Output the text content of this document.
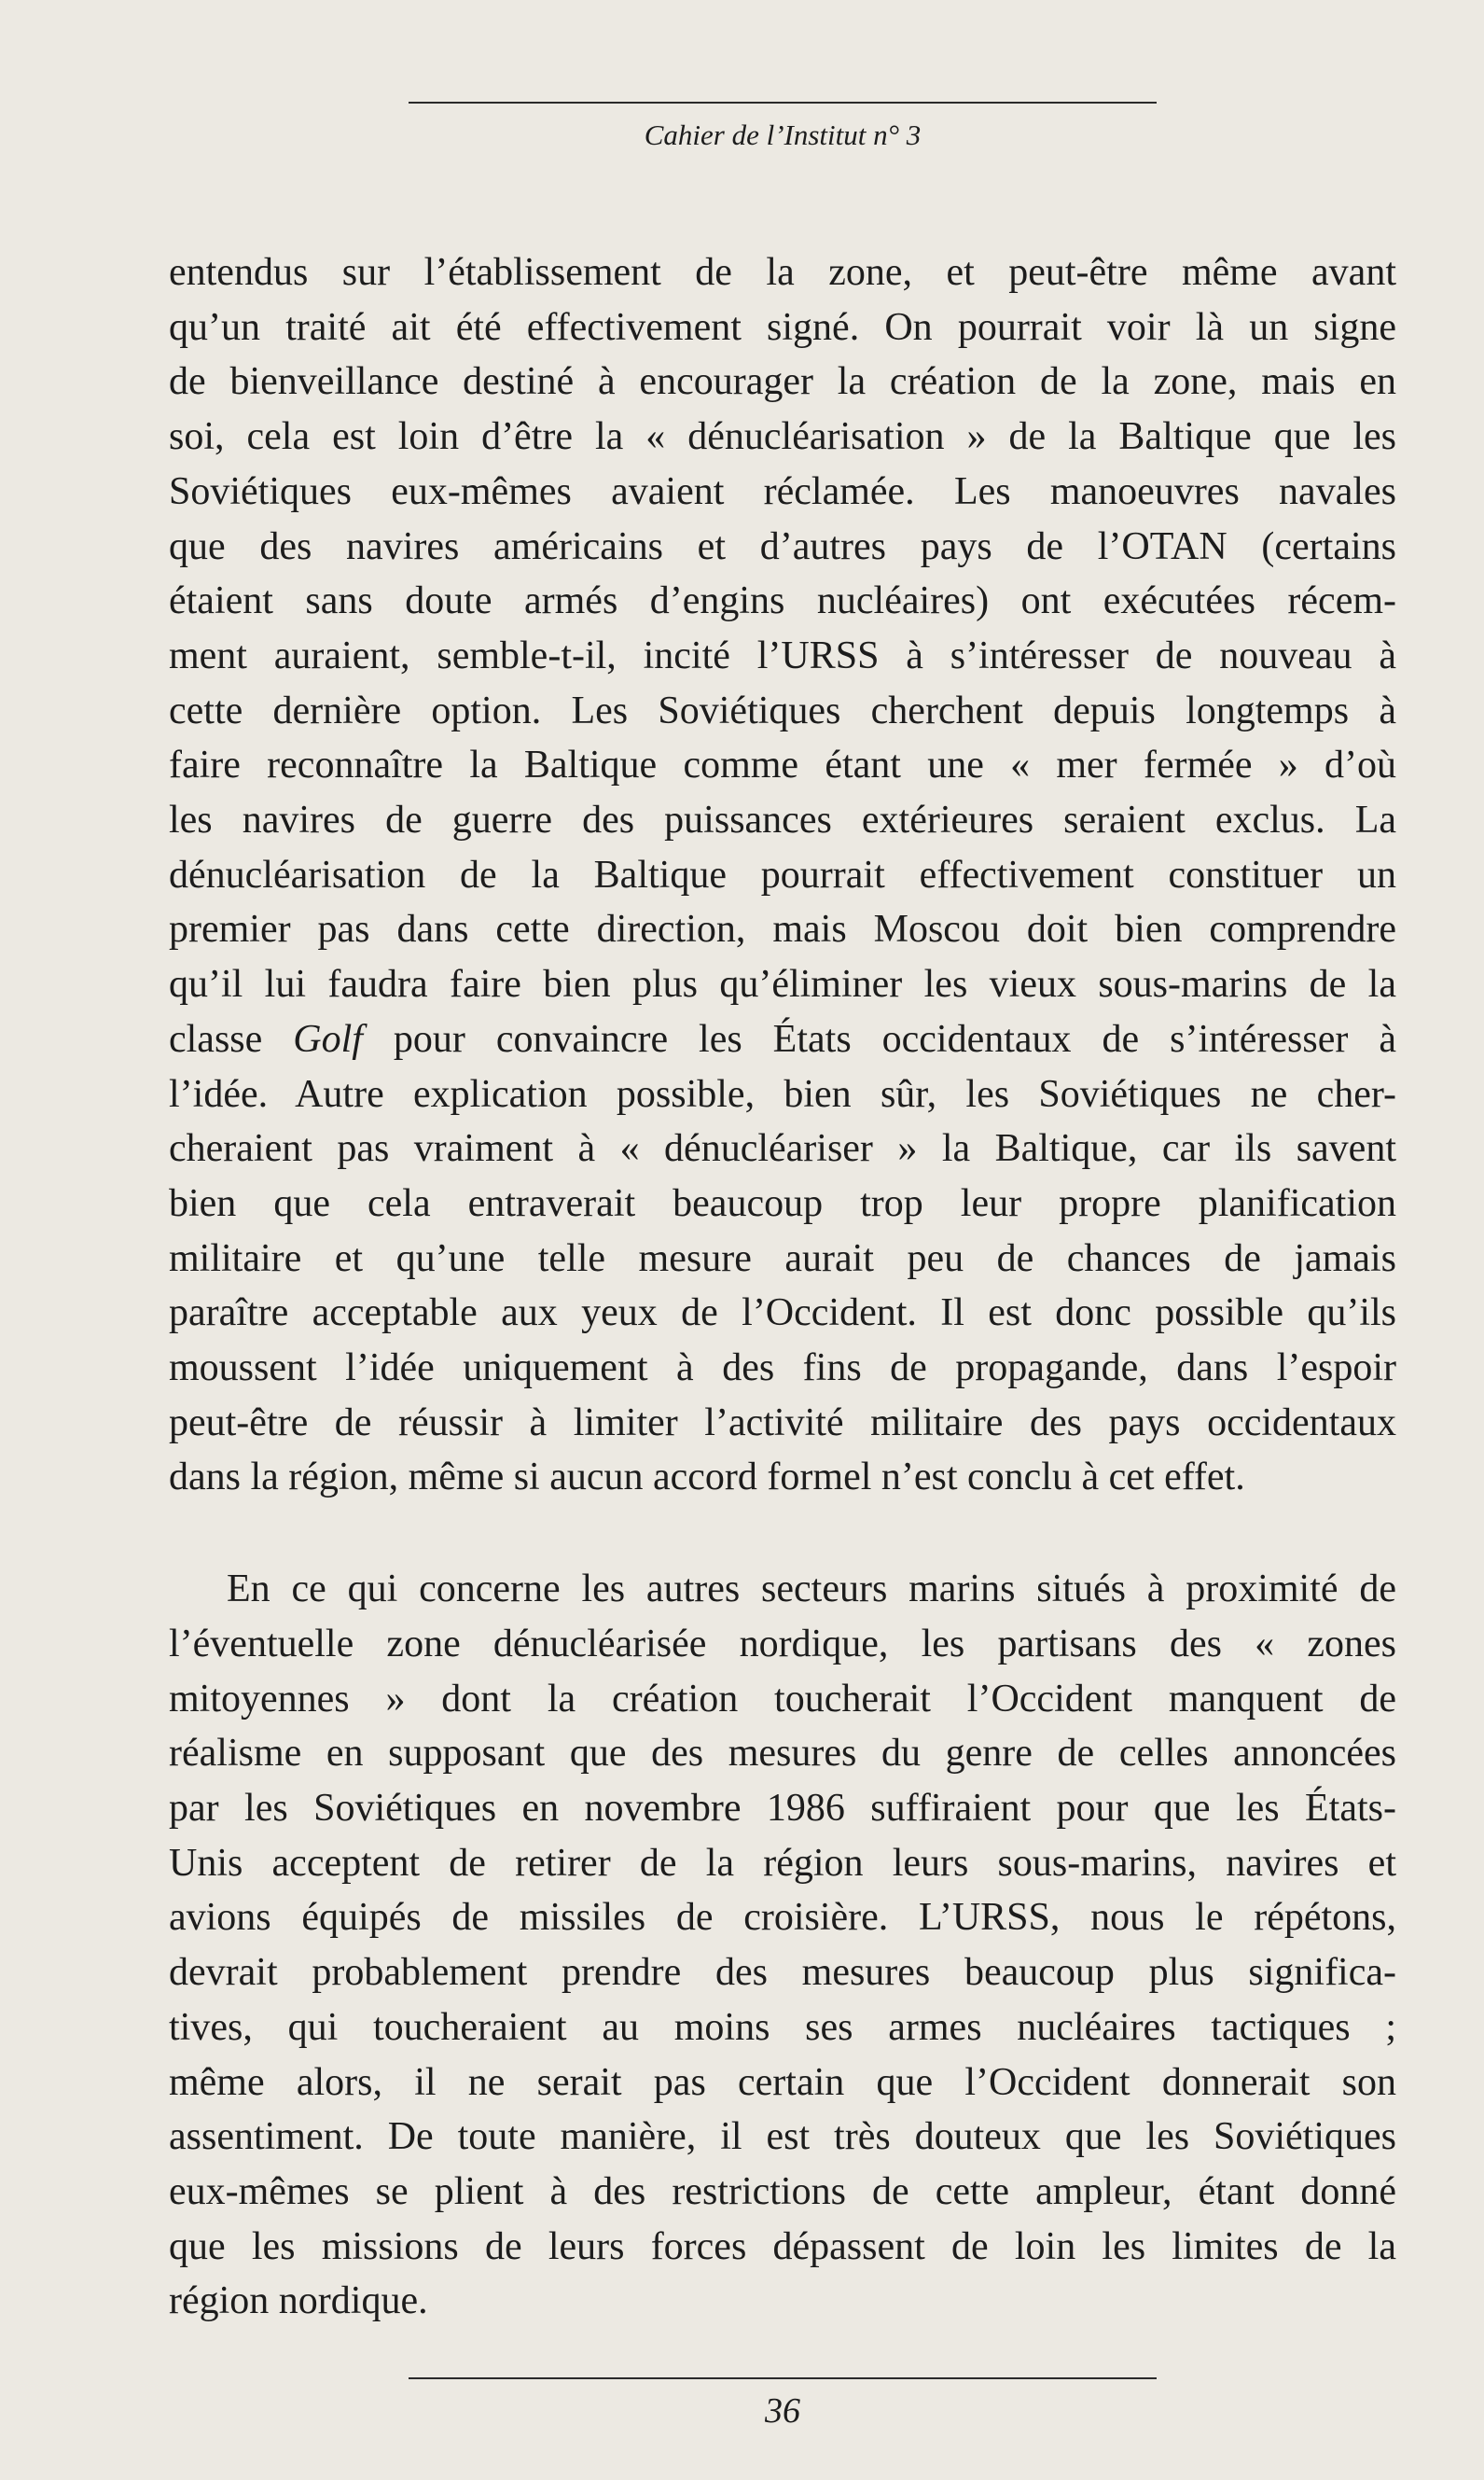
Cahier de l’Institut n° 3
entendus sur l’établissement de la zone, et peut-être même avant
qu’un traité ait été effectivement signé. On pourrait voir là un signe
de bienveillance destiné à encourager la création de la zone, mais en
soi, cela est loin d’être la « dénucléarisation » de la Baltique que les
Soviétiques eux-mêmes avaient réclamée. Les manoeuvres navales
que des navires américains et d’autres pays de l’OTAN (certains
étaient sans doute armés d’engins nucléaires) ont exécutées récem-
ment auraient, semble-t-il, incité l’URSS à s’intéresser de nouveau à
cette dernière option. Les Soviétiques cherchent depuis longtemps à
faire reconnaître la Baltique comme étant une « mer fermée » d’où
les navires de guerre des puissances extérieures seraient exclus. La
dénucléarisation de la Baltique pourrait effectivement constituer un
premier pas dans cette direction, mais Moscou doit bien comprendre
qu’il lui faudra faire bien plus qu’éliminer les vieux sous-marins de la
classe Golf pour convaincre les États occidentaux de s’intéresser à
l’idée. Autre explication possible, bien sûr, les Soviétiques ne cher-
cheraient pas vraiment à « dénucléariser » la Baltique, car ils savent
bien que cela entraverait beaucoup trop leur propre planification
militaire et qu’une telle mesure aurait peu de chances de jamais
paraître acceptable aux yeux de l’Occident. Il est donc possible qu’ils
moussent l’idée uniquement à des fins de propagande, dans l’espoir
peut-être de réussir à limiter l’activité militaire des pays occidentaux
dans la région, même si aucun accord formel n’est conclu à cet effet.
En ce qui concerne les autres secteurs marins situés à proximité de
l’éventuelle zone dénucléarisée nordique, les partisans des « zones
mitoyennes » dont la création toucherait l’Occident manquent de
réalisme en supposant que des mesures du genre de celles annoncées
par les Soviétiques en novembre 1986 suffiraient pour que les États-
Unis acceptent de retirer de la région leurs sous-marins, navires et
avions équipés de missiles de croisière. L’URSS, nous le répétons,
devrait probablement prendre des mesures beaucoup plus significa-
tives, qui toucheraient au moins ses armes nucléaires tactiques ;
même alors, il ne serait pas certain que l’Occident donnerait son
assentiment. De toute manière, il est très douteux que les Soviétiques
eux-mêmes se plient à des restrictions de cette ampleur, étant donné
que les missions de leurs forces dépassent de loin les limites de la
région nordique.
36
